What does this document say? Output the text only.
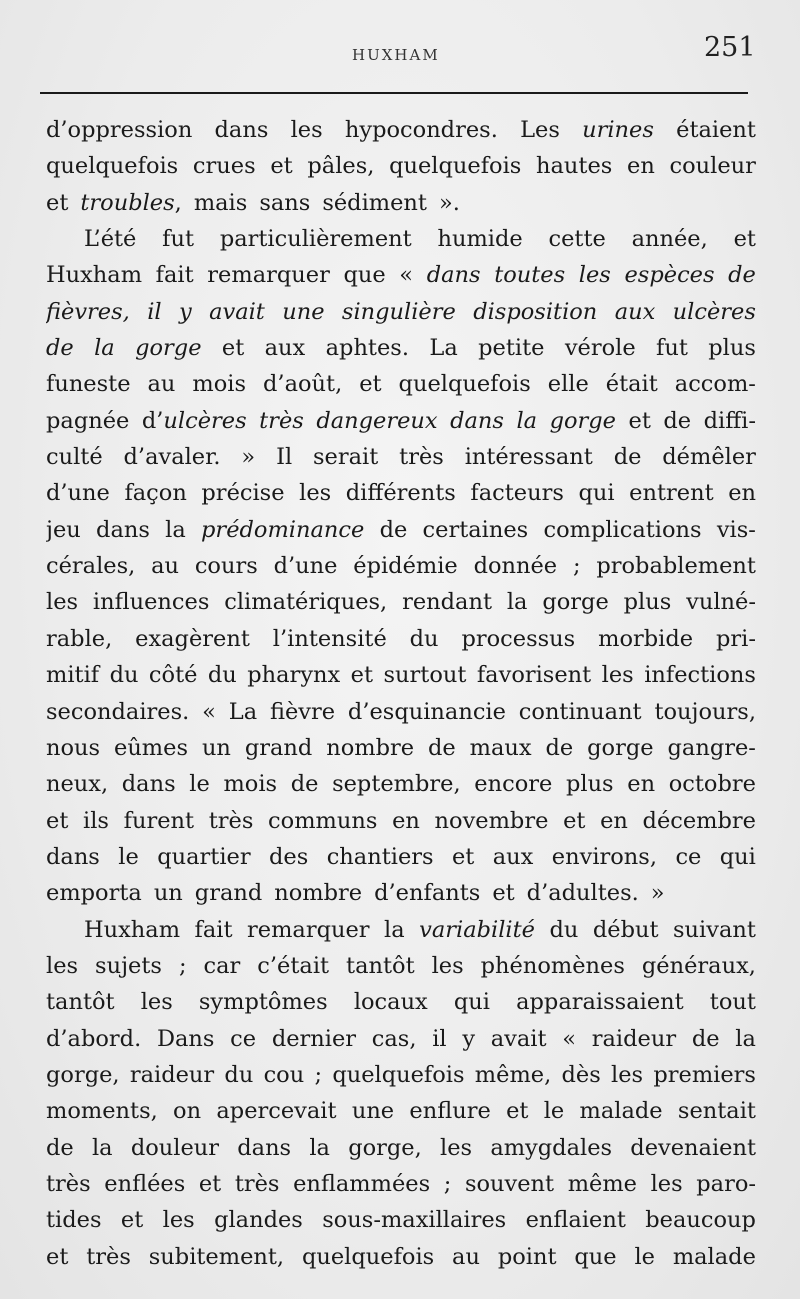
HUXHAM	251
d’oppression dans les hypocondres. Les urines étaient
quelquefois crues et pâles, quelquefois hautes en couleur
et troubles, mais sans sédiment ».
L’été fut particulièrement humide cette année, et
Huxham fait remarquer que « dans toutes les espèces de
fièvres, il y avait une singulière disposition aux ulcères
de la gorge et aux aphtes. La petite vérole fut plus
funeste au mois d’août, et quelquefois elle était accom-
pagnée d’ulcères très dangereux dans la gorge et de diffi-
culté d’avaler. » Il serait très intéressant de démêler
d’une façon précise les différents facteurs qui entrent en
jeu dans la prédominance de certaines complications vis-
cérales, au cours d’une épidémie donnée ; probablement
les influences climatériques, rendant la gorge plus vulné-
rable, exagèrent l’intensité du processus morbide pri-
mitif du côté du pharynx et surtout favorisent les infections
secondaires. « La fièvre d’esquinancie continuant toujours,
nous eûmes un grand nombre de maux de gorge gangre-
neux, dans le mois de septembre, encore plus en octobre
et ils furent très communs en novembre et en décembre
dans le quartier des chantiers et aux environs, ce qui
emporta un grand nombre d’enfants et d’adultes. »
Huxham fait remarquer la variabilité du début suivant
les sujets ; car c’était tantôt les phénomènes généraux,
tantôt les symptômes locaux qui apparaissaient tout
d’abord. Dans ce dernier cas, il y avait « raideur de la
gorge, raideur du cou ; quelquefois même, dès les premiers
moments, on apercevait une enflure et le malade sentait
de la douleur dans la gorge, les amygdales devenaient
très enflées et très enflammées ; souvent même les paro-
tides et les glandes sous-maxillaires enflaient beaucoup
et très subitement, quelquefois au point que le malade
